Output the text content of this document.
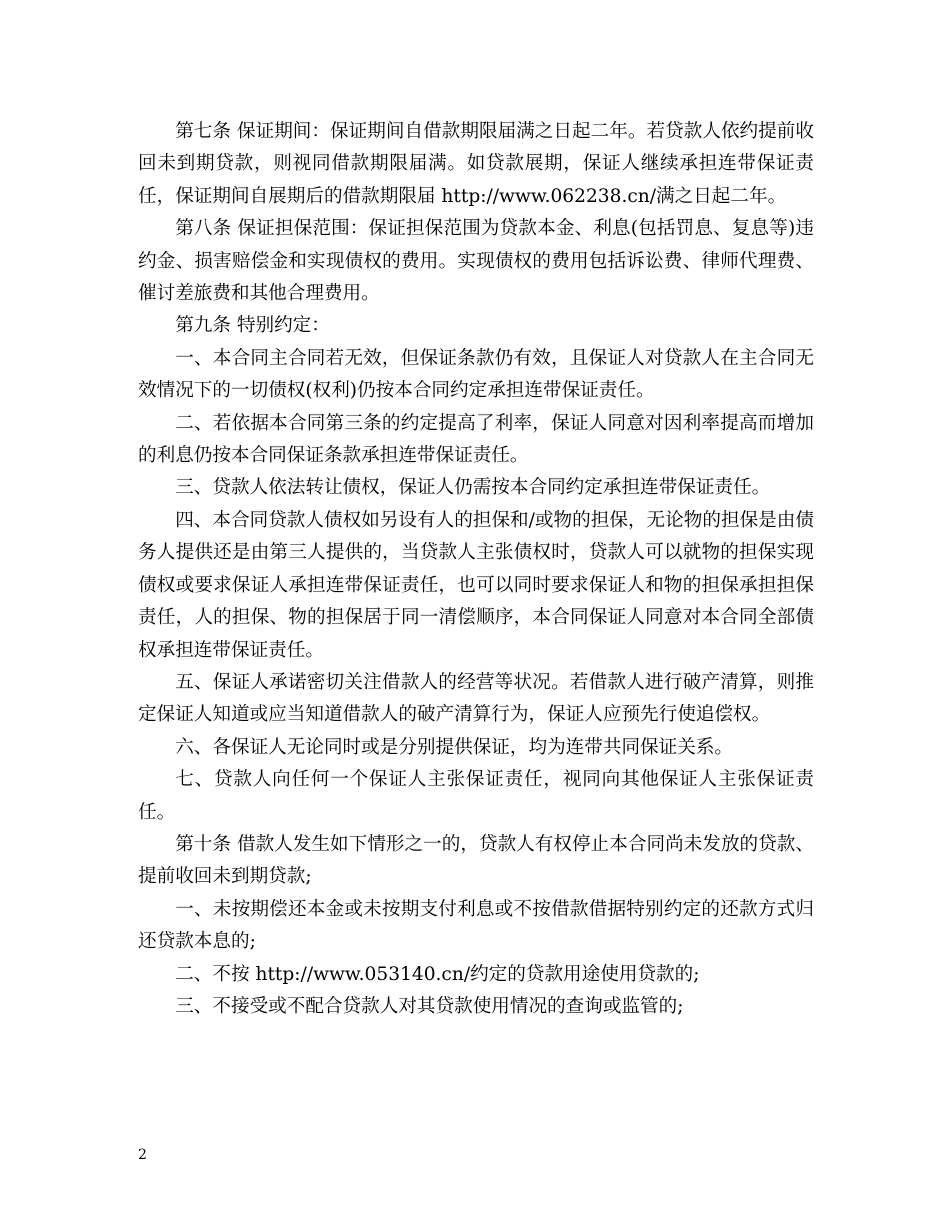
第七条 保证期间：保证期间自借款期限届满之日起二年。若贷款人依约提前收回未到期贷款，则视同借款期限届满。如贷款展期，保证人继续承担连带保证责任，保证期间自展期后的借款期限届 http://www.062238.cn/满之日起二年。

第八条 保证担保范围：保证担保范围为贷款本金、利息(包括罚息、复息等)违约金、损害赔偿金和实现债权的费用。实现债权的费用包括诉讼费、律师代理费、催讨差旅费和其他合理费用。

第九条 特别约定：

一、本合同主合同若无效，但保证条款仍有效，且保证人对贷款人在主合同无效情况下的一切债权(权利)仍按本合同约定承担连带保证责任。

二、若依据本合同第三条的约定提高了利率，保证人同意对因利率提高而增加的利息仍按本合同保证条款承担连带保证责任。

三、贷款人依法转让债权，保证人仍需按本合同约定承担连带保证责任。

四、本合同贷款人债权如另设有人的担保和/或物的担保，无论物的担保是由债务人提供还是由第三人提供的，当贷款人主张债权时，贷款人可以就物的担保实现债权或要求保证人承担连带保证责任，也可以同时要求保证人和物的担保承担担保责任，人的担保、物的担保居于同一清偿顺序，本合同保证人同意对本合同全部债权承担连带保证责任。

五、保证人承诺密切关注借款人的经营等状况。若借款人进行破产清算，则推定保证人知道或应当知道借款人的破产清算行为，保证人应预先行使追偿权。

六、各保证人无论同时或是分别提供保证，均为连带共同保证关系。

七、贷款人向任何一个保证人主张保证责任，视同向其他保证人主张保证责任。

第十条 借款人发生如下情形之一的，贷款人有权停止本合同尚未发放的贷款、提前收回未到期贷款;

一、未按期偿还本金或未按期支付利息或不按借款借据特别约定的还款方式归还贷款本息的;

二、不按 http://www.053140.cn/约定的贷款用途使用贷款的;

三、不接受或不配合贷款人对其贷款使用情况的查询或监管的;

2
